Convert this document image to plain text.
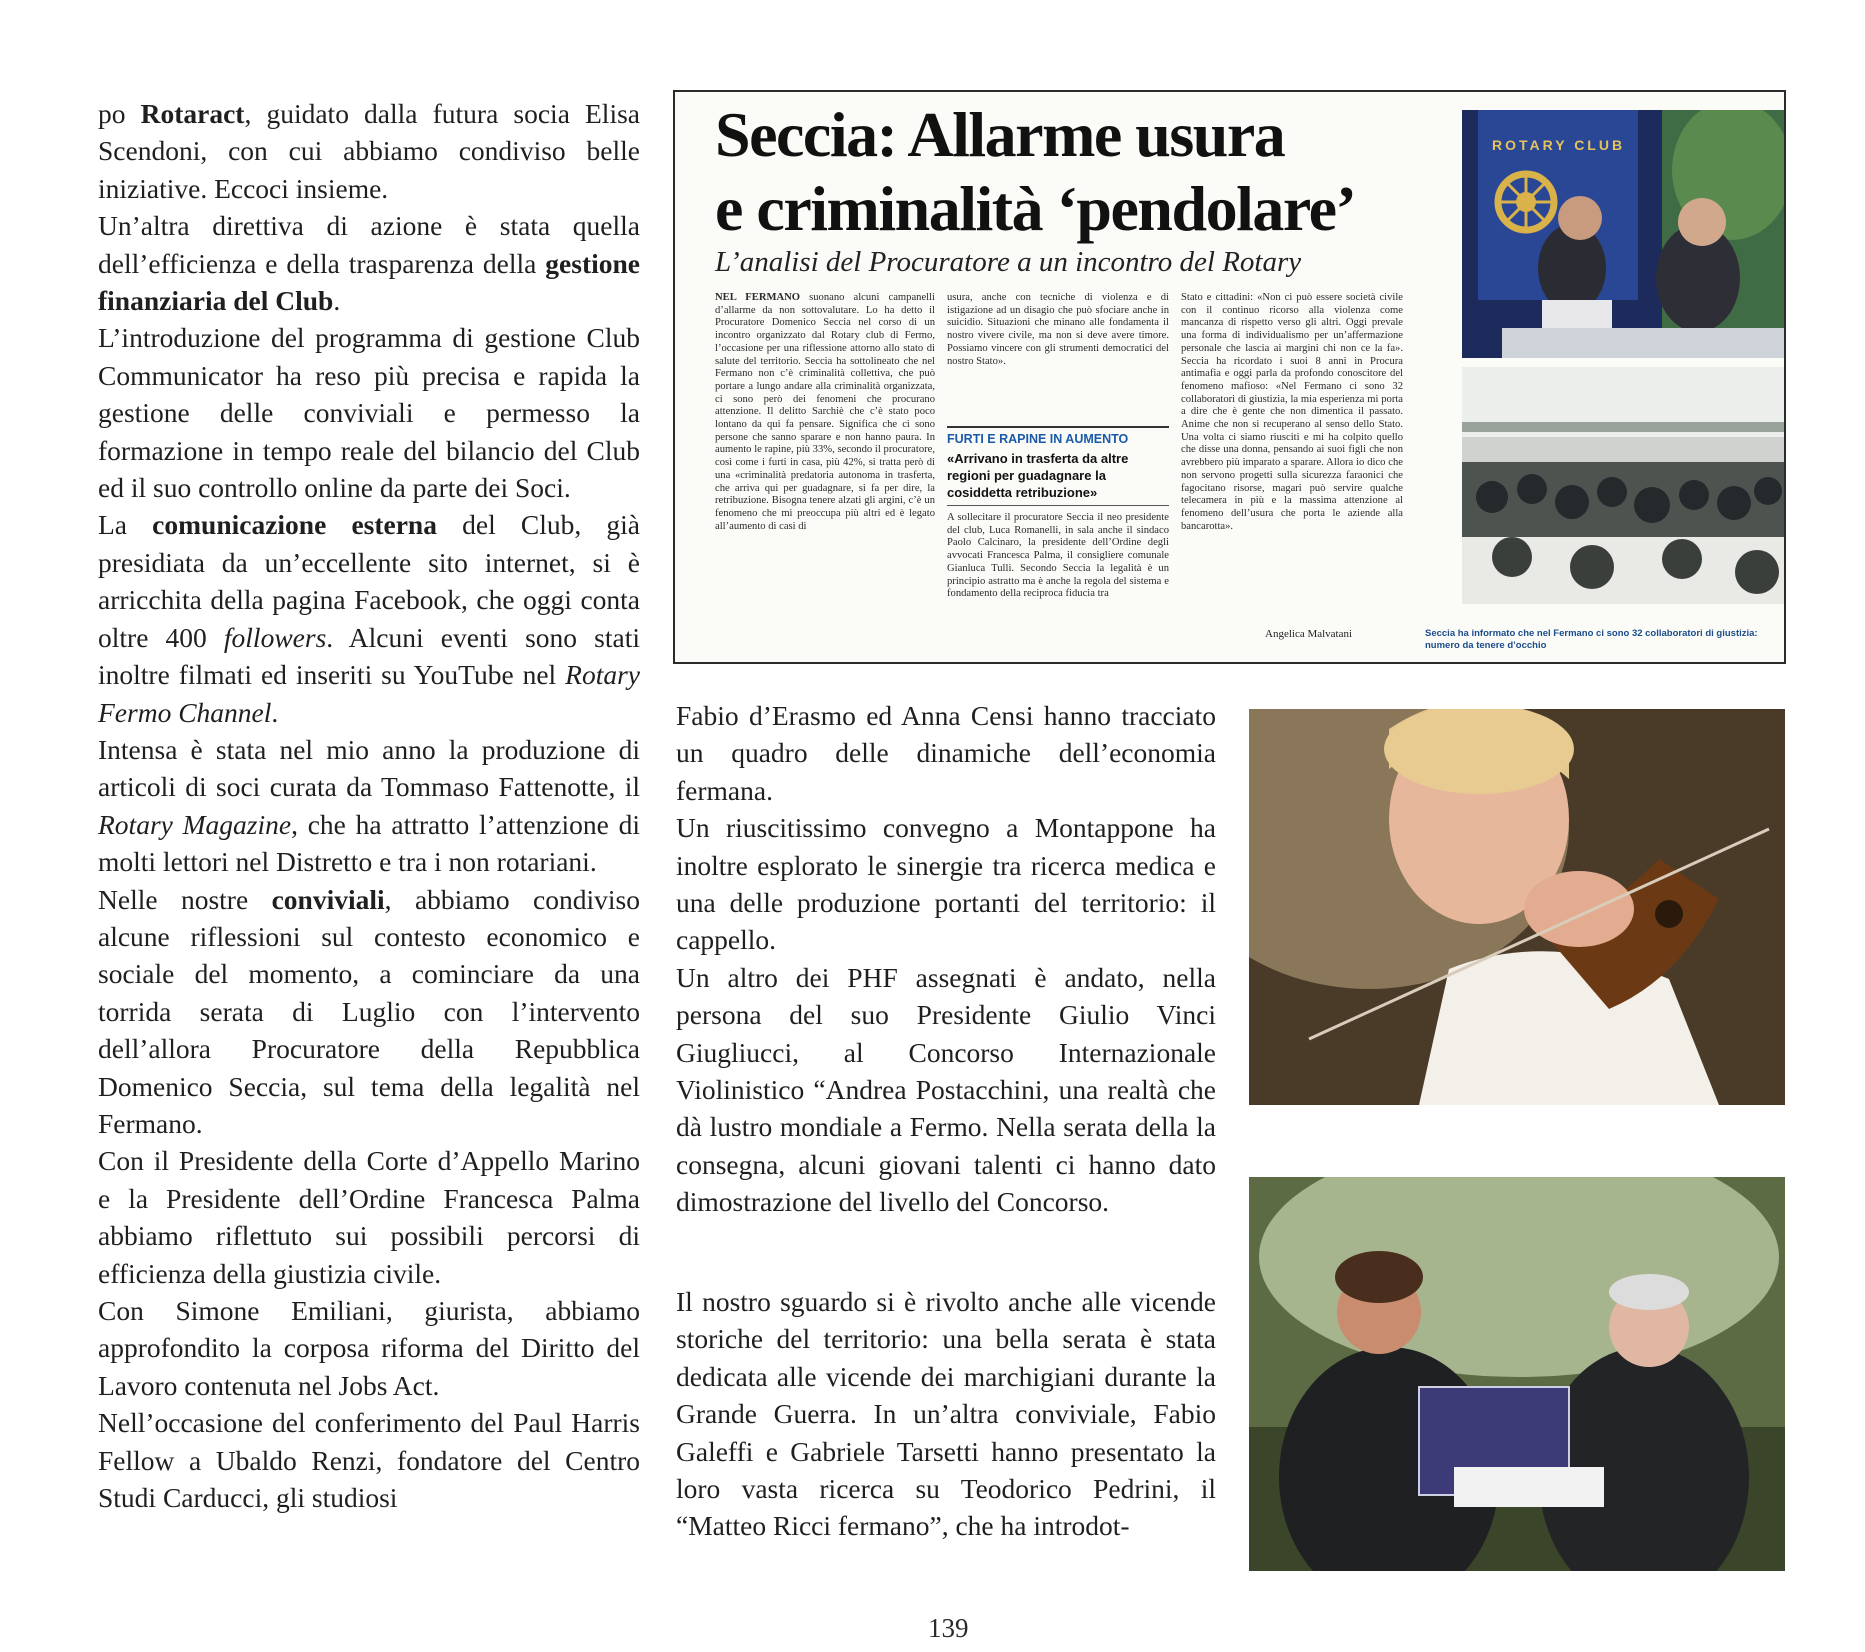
po Rotaract, guidato dalla futura socia Elisa Scendoni, con cui abbiamo condiviso belle iniziative. Eccoci insieme.

Un’altra direttiva di azione è stata quella dell’efficienza e della trasparenza della gestione finanziaria del Club.

L’introduzione del programma di gestione Club Communicator ha reso più precisa e rapida la gestione delle conviviali e permesso la formazione in tempo reale del bilancio del Club ed il suo controllo online da parte dei Soci.

La comunicazione esterna del Club, già presidiata da un’eccellente sito internet, si è arricchita della pagina Facebook, che oggi conta oltre 400 followers. Alcuni eventi sono stati inoltre filmati ed inseriti su YouTube nel Rotary Fermo Channel.

Intensa è stata nel mio anno la produzione di articoli di soci curata da Tommaso Fattenotte, il Rotary Magazine, che ha attratto l’attenzione di molti lettori nel Distretto e tra i non rotariani.

Nelle nostre conviviali, abbiamo condiviso alcune riflessioni sul contesto economico e sociale del momento, a cominciare da una torrida serata di Luglio con l’intervento dell’allora Procuratore della Repubblica Domenico Seccia, sul tema della legalità nel Fermano.

Con il Presidente della Corte d’Appello Marino e la Presidente dell’Ordine Francesca Palma abbiamo riflettuto sui possibili percorsi di efficienza della giustizia civile.

Con Simone Emiliani, giurista, abbiamo approfondito la corposa riforma del Diritto del Lavoro contenuta nel Jobs Act.

Nell’occasione del conferimento del Paul Harris Fellow a Ubaldo Renzi, fondatore del Centro Studi Carducci, gli studiosi

Seccia: Allarme usura
e criminalità ‘pendolare’
L’analisi del Procuratore a un incontro del Rotary
NEL FERMANO suonano alcuni campanelli d’allarme da non sottovalutare. Lo ha detto il Procuratore Domenico Seccia nel corso di un incontro organizzato dal Rotary club di Fermo, l’occasione per una riflessione attorno allo stato di salute del territorio. Seccia ha sottolineato che nel Fermano non c’è criminalità collettiva, che può portare a lungo andare alla criminalità organizzata, ci sono però dei fenomeni che procurano attenzione. Il delitto Sarchiè che c’è stato poco lontano da qui fa pensare. Significa che ci sono persone che sanno sparare e non hanno paura. In aumento le rapine, più 33%, secondo il procuratore, così come i furti in casa, più 42%, si tratta però di una «criminalità predatoria autonoma in trasferta, che arriva qui per guadagnare, si fa per dire, la retribuzione. Bisogna tenere alzati gli argini, c’è un fenomeno che mi preoccupa più altri ed è legato all’aumento di casi di
usura, anche con tecniche di violenza e di istigazione ad un disagio che può sfociare anche in suicidio. Situazioni che minano alle fondamenta il nostro vivere civile, ma non si deve avere timore. Possiamo vincere con gli strumenti democratici del nostro Stato».
FURTI E RAPINE IN AUMENTO
«Arrivano in trasferta da altre regioni per guadagnare la cosiddetta retribuzione»
A sollecitare il procuratore Seccia il neo presidente del club, Luca Romanelli, in sala anche il sindaco Paolo Calcinaro, la presidente dell’Ordine degli avvocati Francesca Palma, il consigliere comunale Gianluca Tulli. Secondo Seccia la legalità è un principio astratto ma è anche la regola del sistema e fondamento della reciproca fiducia tra
Stato e cittadini: «Non ci può essere società civile con il continuo ricorso alla violenza come mancanza di rispetto verso gli altri. Oggi prevale una forma di individualismo per un’affermazione personale che lascia ai margini chi non ce la fa». Seccia ha ricordato i suoi 8 anni in Procura antimafia e oggi parla da profondo conoscitore del fenomeno mafioso: «Nel Fermano ci sono 32 collaboratori di giustizia, la mia esperienza mi porta a dire che è gente che non dimentica il passato. Anime che non si recuperano al senso dello Stato. Una volta ci siamo riusciti e mi ha colpito quello che disse una donna, pensando ai suoi figli che non avrebbero più imparato a sparare. Allora io dico che non servono progetti sulla sicurezza faraonici che fagocitano risorse, magari può servire qualche telecamera in più e la massima attenzione al fenomeno dell’usura che porta le aziende alla bancarotta».
Angelica Malvatani	Seccia ha informato che nel Fermano ci sono 32 collaboratori di giustizia: numero da tenere d’occhio
ROTARY CLUB

Fabio d’Erasmo ed Anna Censi hanno tracciato un quadro delle dinamiche dell’economia fermana.

Un riuscitissimo convegno a Montappone ha inoltre esplorato le sinergie tra ricerca medica e una delle produzione portanti del territorio: il cappello.

Un altro dei PHF assegnati è andato, nella persona del suo Presidente Giulio Vinci Giugliucci, al Concorso Internazionale Violinistico “Andrea Postacchini, una realtà che dà lustro mondiale a Fermo. Nella serata della la consegna, alcuni giovani talenti ci hanno dato dimostrazione del livello del Concorso.

Il nostro sguardo si è rivolto anche alle vicende storiche del territorio: una bella serata è stata dedicata alle vicende dei marchigiani durante la Grande Guerra. In un’altra conviviale, Fabio Galeffi e Gabriele Tarsetti hanno presentato la loro vasta ricerca su Teodorico Pedrini, il “Matteo Ricci fermano”, che ha introdot-

139
